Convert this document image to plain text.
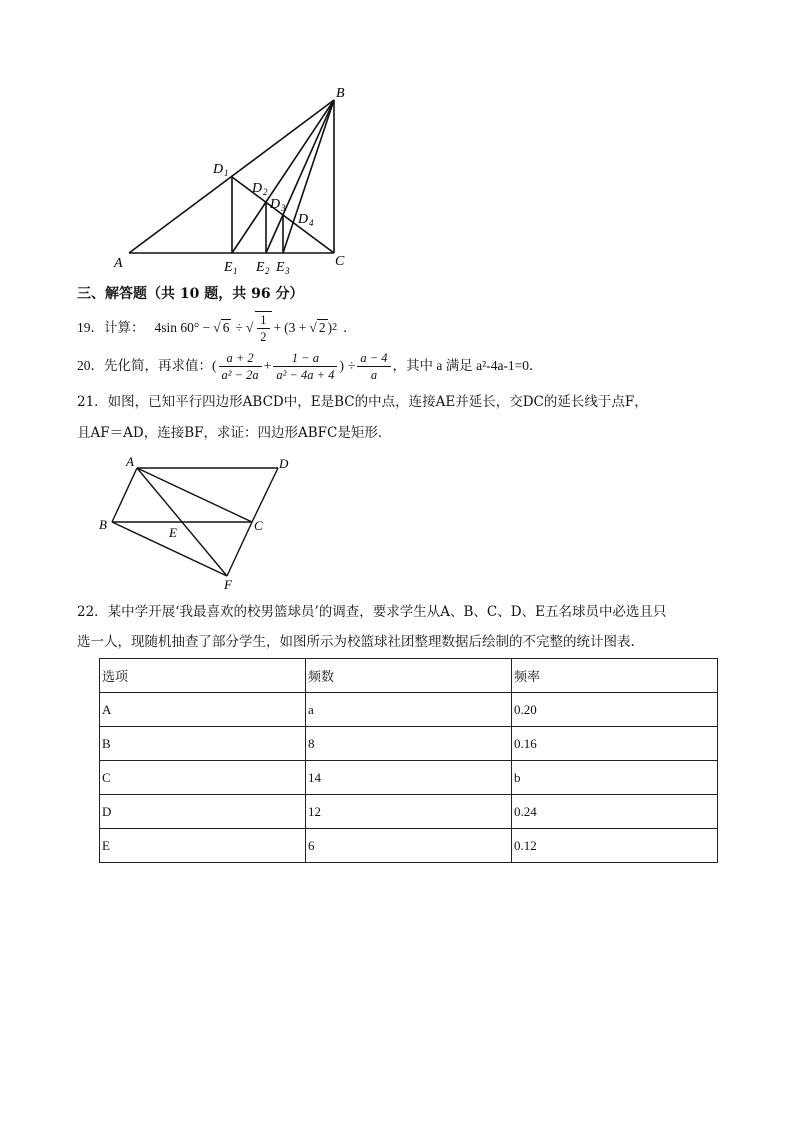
A
B
C
D 1
D 2
D 3
D 4
E 1 E 2 E 3
三、解答题（共 10 题，共 96 分）
19． 计算： 4sin 60° − √ 6 ÷ √ $\frac{1}{2} + (3$ + √ 2 ) 2 ．
20． 先化简，再求值： ( $\frac{a + 2}{\text{a² − 2a}} + \frac{1 - a}{\text{a² − 4a + 4}}$ ) ÷ $\frac{a - 4}{a}$ ，其中 a 满足 a²-4a-1=0．
21．如图，已知平行四边形ABCD中，E是BC的中点，连接AE并延长，交DC的延长线于点F，
且AF＝AD，连接BF，求证：四边形ABFC是矩形．
A	D
B	C
E
F
22．某中学开展‘我最喜欢的校男篮球员’的调查，要求学生从A、B、C、D、E五名球员中必选且只
选一人，现随机抽查了部分学生，如图所示为校篮球社团整理数据后绘制的不完整的统计图表.
选项	频数	频率
A	a	0.20
B	8	0.16
C	14	b
D	12	0.24
E	6	0.12
